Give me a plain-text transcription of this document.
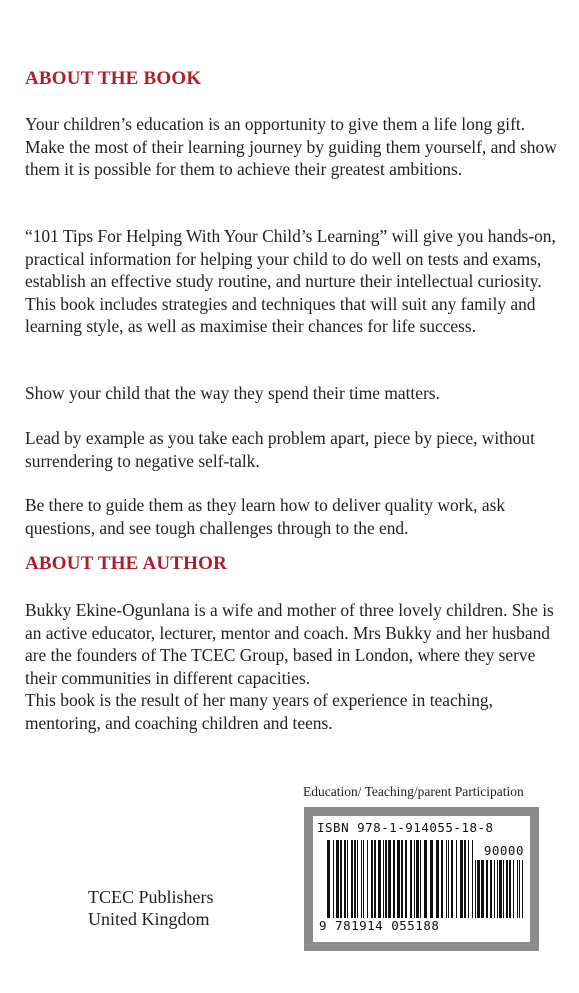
ABOUT THE BOOK

Your children’s education is an opportunity to give them a life long gift. Make the most of their learning journey by guiding them yourself, and show them it is possible for them to achieve their greatest ambitions.

“101 Tips For Helping With Your Child’s Learning” will give you hands-on, practical information for helping your child to do well on tests and exams, establish an effective study routine, and nurture their intellectual curiosity. This book includes strategies and techniques that will suit any family and learning style, as well as maximise their chances for life success.

Show your child that the way they spend their time matters.

Lead by example as you take each problem apart, piece by piece, without surrendering to negative self-talk.

Be there to guide them as they learn how to deliver quality work, ask questions, and see tough challenges through to the end.

ABOUT THE AUTHOR

Bukky Ekine-Ogunlana is a wife and mother of three lovely children. She is an active educator, lecturer, mentor and coach. Mrs Bukky and her husband are the founders of The TCEC Group, based in London, where they serve their communities in different capacities.
This book is the result of her many years of experience in teaching, mentoring, and coaching children and teens.

Education/ Teaching/parent Participation
TCEC Publishers
United Kingdom
ISBN 978-1-914055-18-8
90000
9 781914 055188
